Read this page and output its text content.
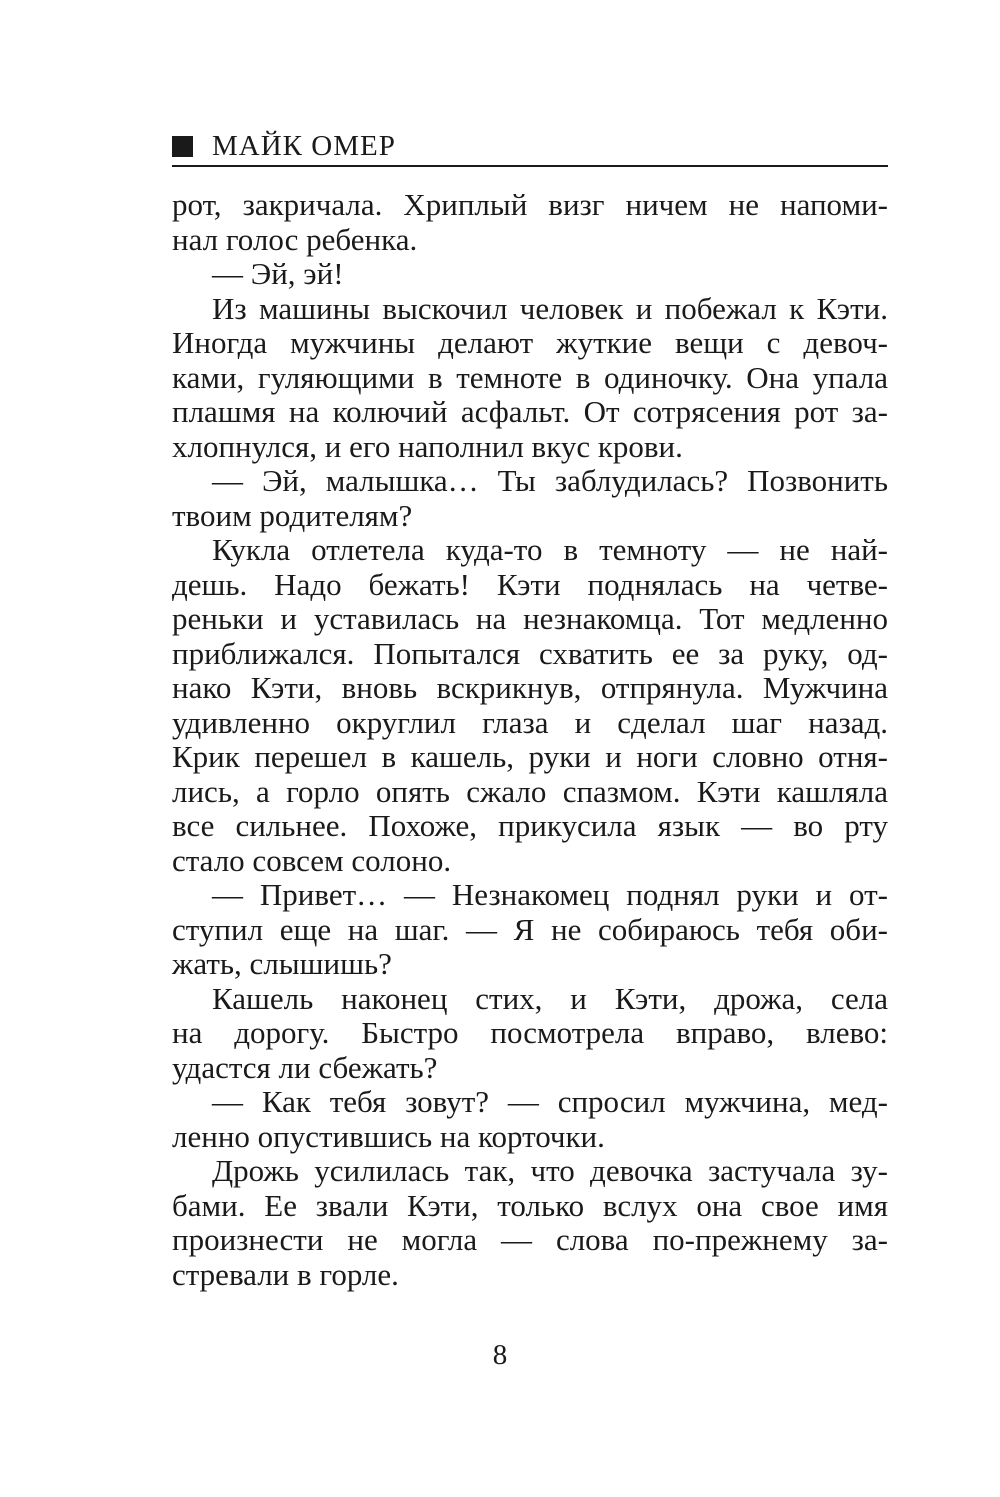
МАЙК ОМЕР
рот, закричала. Хриплый визг ничем не напоми-
нал голос ребенка.
— Эй, эй!
Из машины выскочил человек и побежал к Кэти.
Иногда мужчины делают жуткие вещи с девоч-
ками, гуляющими в темноте в одиночку. Она упала
плашмя на колючий асфальт. От сотрясения рот за-
хлопнулся, и его наполнил вкус крови.
— Эй, малышка… Ты заблудилась? Позвонить
твоим родителям?
Кукла отлетела куда-то в темноту — не най-
дешь. Надо бежать! Кэти поднялась на четве-
реньки и уставилась на незнакомца. Тот медленно
приближался. Попытался схватить ее за руку, од-
нако Кэти, вновь вскрикнув, отпрянула. Мужчина
удивленно округлил глаза и сделал шаг назад.
Крик перешел в кашель, руки и ноги словно отня-
лись, а горло опять сжало спазмом. Кэти кашляла
все сильнее. Похоже, прикусила язык — во рту
стало совсем солоно.
— Привет… — Незнакомец поднял руки и от-
ступил еще на шаг. — Я не собираюсь тебя оби-
жать, слышишь?
Кашель наконец стих, и Кэти, дрожа, села
на дорогу. Быстро посмотрела вправо, влево:
удастся ли сбежать?
— Как тебя зовут? — спросил мужчина, мед-
ленно опустившись на корточки.
Дрожь усилилась так, что девочка застучала зу-
бами. Ее звали Кэти, только вслух она свое имя
произнести не могла — слова по-прежнему за-
стревали в горле.
8
